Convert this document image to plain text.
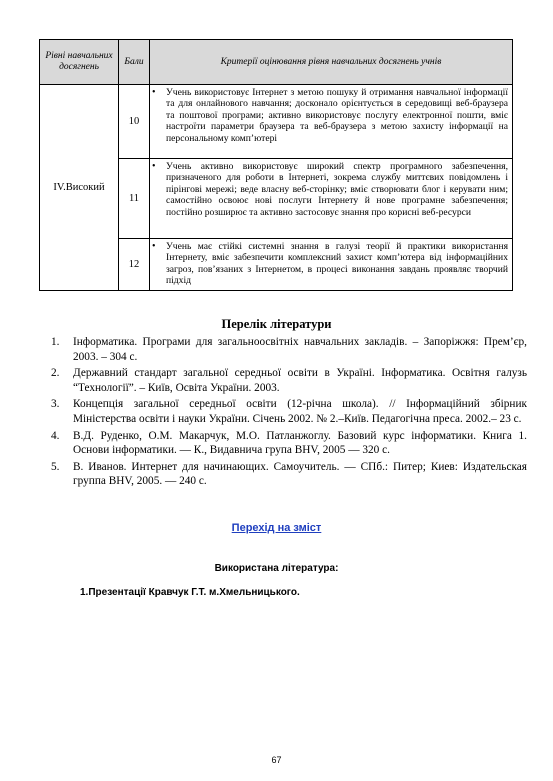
Рівні навчальних досягнень	Бали	Критерії оцінювання рівня навчальних досягнень учнів
IV.Високий	10	• Учень використовує Інтернет з метою пошуку й отримання навчальної інформації та для онлайнового навчання; досконало орієнтується в середовищі веб-браузера та поштової програми; активно використовує послугу електронної пошти, вміє настроїти параметри браузера та веб-браузера з метою захисту інформації на персональному комп’ютері

	11	• Учень активно використовує широкий спектр програмного забезпечення, призначеного для роботи в Інтернеті, зокрема службу миттєвих повідомлень і пірінгові мережі; веде власну веб-сторінку; вміє створювати блог і керувати ним; самостійно освоює нові послуги Інтернету й нове програмне забезпечення; постійно розширює та активно застосовує знання про корисні веб-ресурси

	12	• Учень має стійкі системні знання в галузі теорії й практики використання Інтернету, вміє забезпечити комплексний захист комп’ютера від інформаційних загроз, пов’язаних з Інтернетом, в процесі виконання завдань проявляє творчий підхід
Перелік літератури
1.	Інформатика. Програми для загальноосвітніх навчальних закладів. – Запоріжжя: Прем’єр, 2003. – 304 с.
2.	Державний стандарт загальної середньої освіти в Україні. Інформатика. Освітня галузь “Технології”. – Київ, Освіта України. 2003.
3.	Концепція загальної середньої освіти (12-річна школа). // Інформаційний збірник Міністерства освіти і науки України. Січень 2002. № 2.–Київ. Педагогічна преса. 2002.– 23 с.
4.	В.Д. Руденко, О.М. Макарчук, М.О. Патланжоглу. Базовий курс інформатики. Книга 1. Основи інформатики. — К., Видавнича група BHV, 2005 — 320 с.
5.	В. Иванов. Интернет для начинающих. Самоучитель. — СПб.: Питер; Киев: Издательская группа BHV, 2005. — 240 с.
Перехід на зміст
Використана література:
1.Презентації Кравчук Г.Т. м.Хмельницького.
67
